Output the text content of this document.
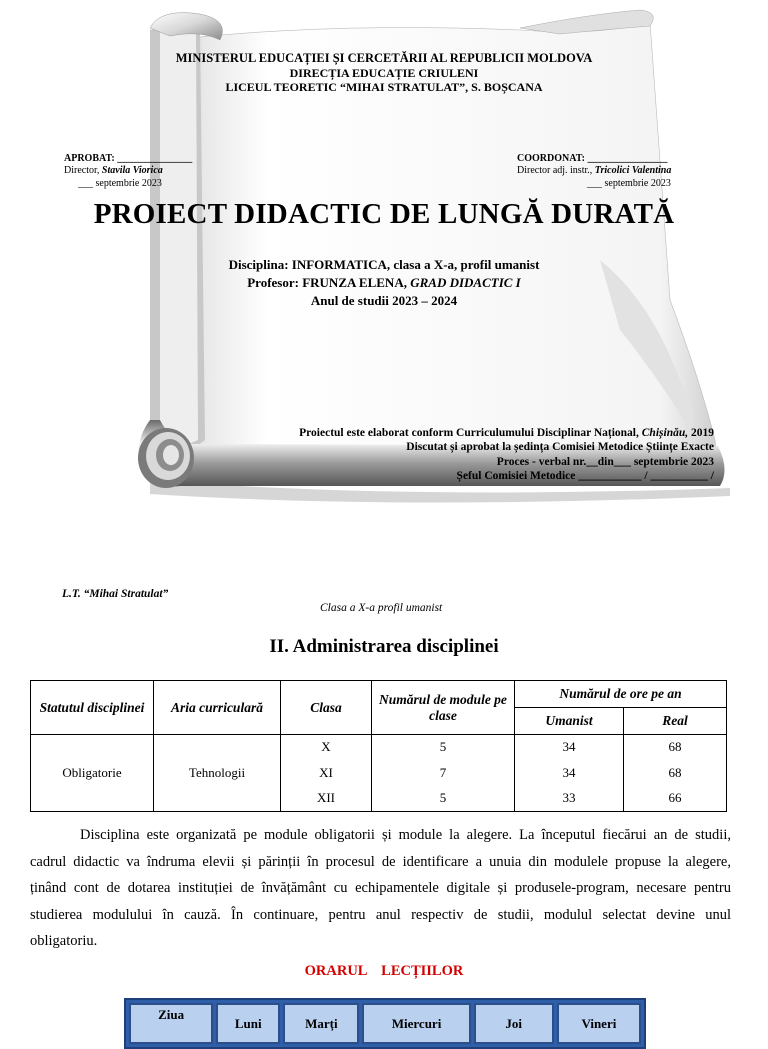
MINISTERUL EDUCAȚIEI ȘI CERCETĂRII AL REPUBLICII MOLDOVA
DIRECȚIA EDUCAȚIE CRIULENI
LICEUL TEORETIC “MIHAI STRATULAT”, S. BOȘCANA
APROBAT: _______________
Director, Stavila Viorica
___ septembrie 2023
COORDONAT: ________________
Director adj. instr., Tricolici Valentina
___ septembrie 2023
PROIECT DIDACTIC DE LUNGĂ DURATĂ
Disciplina: INFORMATICA, clasa a X-a, profil umanist
Profesor: FRUNZA ELENA, GRAD DIDACTIC I
Anul de studii 2023 – 2024
Proiectul este elaborat conform Curriculumului Disciplinar Național, Chișinău, 2019
Discutat și aprobat la ședința Comisiei Metodice Științe Exacte
Proces - verbal nr.__din___ septembrie 2023
Șeful Comisiei Metodice ___________ / __________ /
L.T. “Mihai Stratulat”
Clasa a X-a profil umanist
II. Administrarea disciplinei
Statutul disciplinei	Aria curriculară	Clasa	Numărul de module pe clase	Numărul de ore pe an	
				Umanist	Real
Obligatorie	Tehnologii	X	5	34	68
		XI	7	34	68
		XII	5	33	66
Disciplina este organizată pe module obligatorii și module la alegere. La începutul fiecărui an de studii,
cadrul didactic va îndruma elevii și părinții în procesul de identificare a unuia din modulele propuse la alegere,
ținând cont de dotarea instituției de învățământ cu echipamentele digitale și produsele-program, necesare pentru
studierea modulului în cauză. În continuare, pentru anul respectiv de studii, modulul selectat devine unul
obligatoriu.
ORARUL    LECȚIILOR
Ziua	Luni	Marți	Miercuri	Joi	Vineri
